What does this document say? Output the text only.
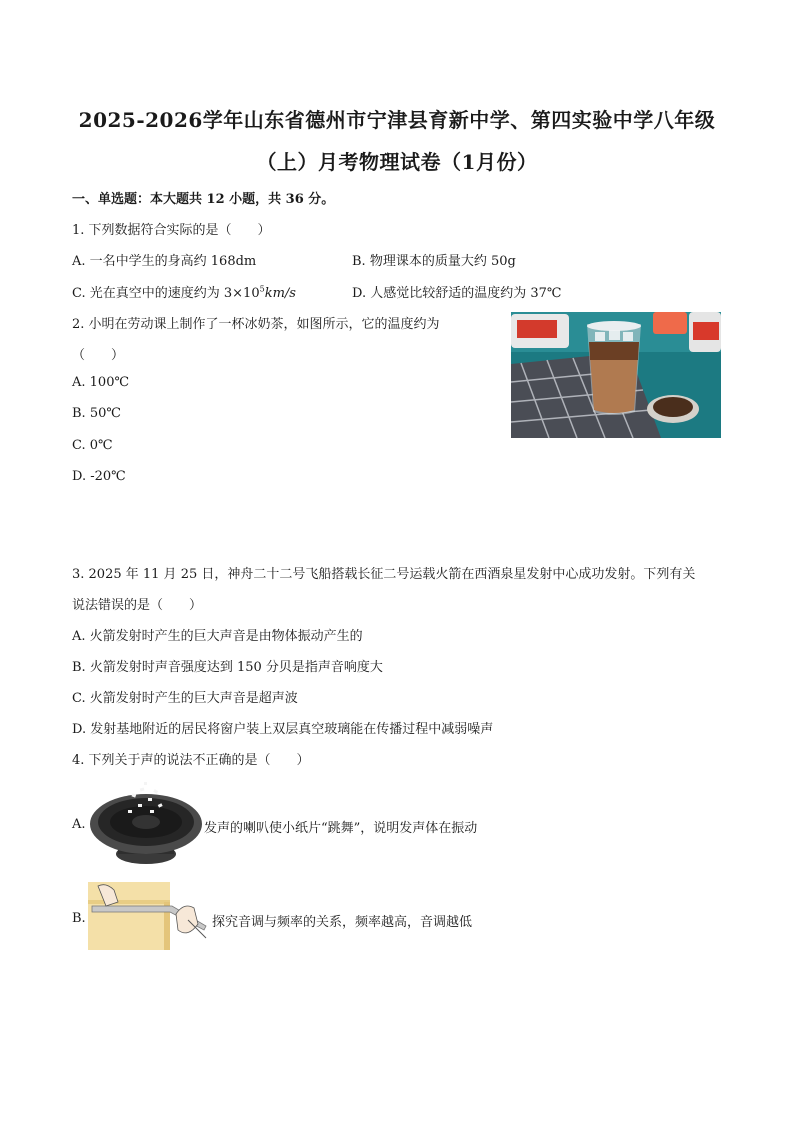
2025-2026学年山东省德州市宁津县育新中学、第四实验中学八年级
（上）月考物理试卷（1月份）
一、单选题：本大题共 12 小题，共 36 分。
1. 下列数据符合实际的是（　　）
A. 一名中学生的身高约 168dm	B. 物理课本的质量大约 50g
C. 光在真空中的速度约为 $3\times 10^5km/s$	D. 人感觉比较舒适的温度约为 37℃
2. 小明在劳动课上制作了一杯冰奶茶，如图所示，它的温度约为
（　　）
A. 100℃
B. 50℃
C. 0℃
D. -20℃
3. 2025 年 11 月 25 日，神舟二十二号飞船搭载长征二号运载火箭在西酒泉星发射中心成功发射。下列有关
说法错误的是（　　）
A. 火箭发射时产生的巨大声音是由物体振动产生的
B. 火箭发射时声音强度达到 150 分贝是指声音响度大
C. 火箭发射时产生的巨大声音是超声波
D. 发射基地附近的居民将窗户装上双层真空玻璃能在传播过程中减弱噪声
4. 下列关于声的说法不正确的是（　　）
A.	发声的喇叭使小纸片“跳舞”，说明发声体在振动
B.	探究音调与频率的关系，频率越高，音调越低
